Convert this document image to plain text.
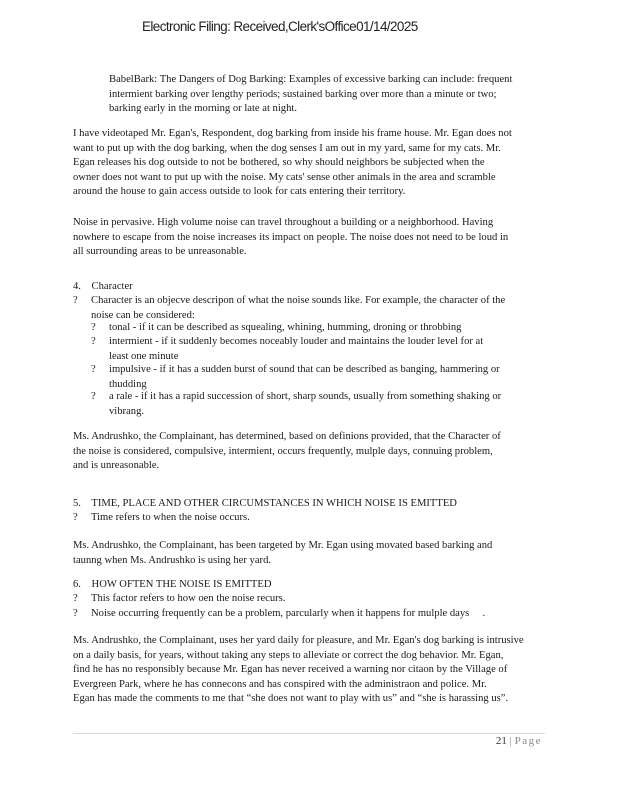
Electronic Filing: Received,Clerk'sOffice01/14/2025
BabelBark: The Dangers of Dog Barking: Examples of excessive barking can include: frequent
intermient barking over lengthy periods; sustained barking over more than a minute or two;
barking early in the morning or late at night.
I have videotaped Mr. Egan's, Respondent, dog barking from inside his frame house. Mr. Egan does not
want to put up with the dog barking, when the dog senses I am out in my yard, same for my cats. Mr.
Egan releases his dog outside to not be bothered, so why should neighbors be subjected when the
owner does not want to put up with the noise. My cats' sense other animals in the area and scramble
around the house to gain access outside to look for cats entering their territory.
Noise in pervasive. High volume noise can travel throughout a building or a neighborhood. Having
nowhere to escape from the noise increases its impact on people. The noise does not need to be loud in
all surrounding areas to be unreasonable.
4.    Character
? Character is an objecve descripon of what the noise sounds like. For example, the character of the
noise can be considered:
? tonal - if it can be described as squealing, whining, humming, droning or throbbing
? intermient - if it suddenly becomes noceably louder and maintains the louder level for at
least one minute
? impulsive - if it has a sudden burst of sound that can be described as banging, hammering or
thudding
? a rale - if it has a rapid succession of short, sharp sounds, usually from something shaking or
vibrang.
Ms. Andrushko, the Complainant, has determined, based on definions provided, that the Character of
the noise is considered, compulsive, intermient, occurs frequently, mulple days, connuing problem,
and is unreasonable.
5.    TIME, PLACE AND OTHER CIRCUMSTANCES IN WHICH NOISE IS EMITTED
? Time refers to when the noise occurs.
Ms. Andrushko, the Complainant, has been targeted by Mr. Egan using movated based barking and
taunng when Ms. Andrushko is using her yard.
6.    HOW OFTEN THE NOISE IS EMITTED
? This factor refers to how oen the noise recurs.
? Noise occurring frequently can be a problem, parcularly when it happens for mulple days     .
Ms. Andrushko, the Complainant, uses her yard daily for pleasure, and Mr. Egan's dog barking is intrusive
on a daily basis, for years, without taking any steps to alleviate or correct the dog behavior. Mr. Egan,
find he has no responsibly because Mr. Egan has never received a warning nor citaon by the Village of
Evergreen Park, where he has connecons and has conspired with the administraon and police. Mr.
Egan has made the comments to me that “she does not want to play with us” and “she is harassing us”.
21 | Page
